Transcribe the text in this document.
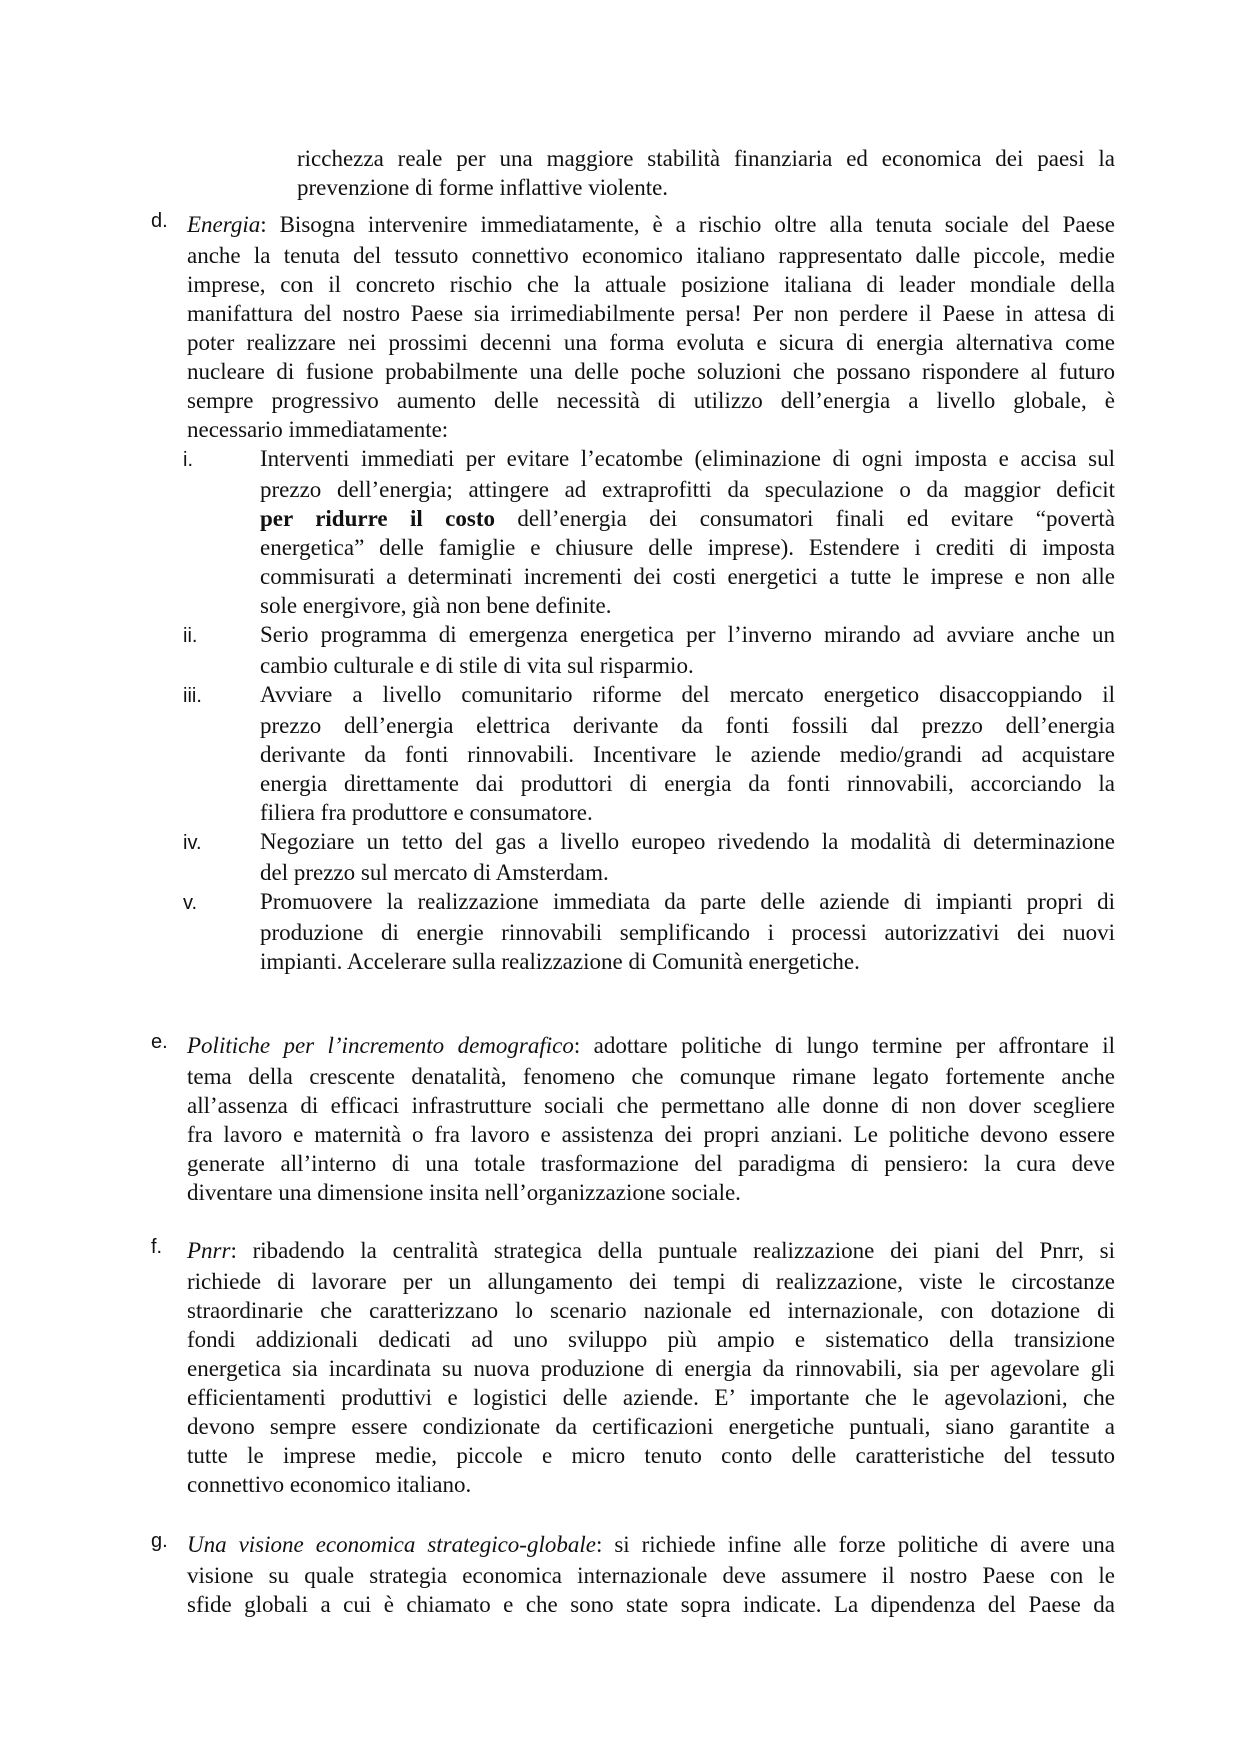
ricchezza reale per una maggiore stabilità finanziaria ed economica dei paesi la

prevenzione di forme inflattive violente.

d. Energia: Bisogna intervenire immediatamente, è a rischio oltre alla tenuta sociale del Paese

anche la tenuta del tessuto connettivo economico italiano rappresentato dalle piccole, medie

imprese, con il concreto rischio che la attuale posizione italiana di leader mondiale della

manifattura del nostro Paese sia irrimediabilmente persa! Per non perdere il Paese in attesa di

poter realizzare nei prossimi decenni una forma evoluta e sicura di energia alternativa come

nucleare di fusione probabilmente una delle poche soluzioni che possano rispondere al futuro

sempre progressivo aumento delle necessità di utilizzo dell’energia a livello globale, è

necessario immediatamente:

i.	Interventi immediati per evitare l’ecatombe (eliminazione di ogni imposta e accisa sul

prezzo dell’energia; attingere ad extraprofitti da speculazione o da maggior deficit

per ridurre il costo dell’energia dei consumatori finali ed evitare “povertà

energetica” delle famiglie e chiusure delle imprese). Estendere i crediti di imposta

commisurati a determinati incrementi dei costi energetici a tutte le imprese e non alle

sole energivore, già non bene definite.

ii.	Serio programma di emergenza energetica per l’inverno mirando ad avviare anche un

cambio culturale e di stile di vita sul risparmio.

iii.	Avviare a livello comunitario riforme del mercato energetico disaccoppiando il

prezzo dell’energia elettrica derivante da fonti fossili dal prezzo dell’energia

derivante da fonti rinnovabili. Incentivare le aziende medio/grandi ad acquistare

energia direttamente dai produttori di energia da fonti rinnovabili, accorciando la

filiera fra produttore e consumatore.

iv.	Negoziare un tetto del gas a livello europeo rivedendo la modalità di determinazione

del prezzo sul mercato di Amsterdam.

v.	Promuovere la realizzazione immediata da parte delle aziende di impianti propri di

produzione di energie rinnovabili semplificando i processi autorizzativi dei nuovi

impianti. Accelerare sulla realizzazione di Comunità energetiche.

e. Politiche per l’incremento demografico: adottare politiche di lungo termine per affrontare il

tema della crescente denatalità, fenomeno che comunque rimane legato fortemente anche

all’assenza di efficaci infrastrutture sociali che permettano alle donne di non dover scegliere

fra lavoro e maternità o fra lavoro e assistenza dei propri anziani. Le politiche devono essere

generate all’interno di una totale trasformazione del paradigma di pensiero: la cura deve

diventare una dimensione insita nell’organizzazione sociale.

f. Pnrr: ribadendo la centralità strategica della puntuale realizzazione dei piani del Pnrr, si

richiede di lavorare per un allungamento dei tempi di realizzazione, viste le circostanze

straordinarie che caratterizzano lo scenario nazionale ed internazionale, con dotazione di

fondi addizionali dedicati ad uno sviluppo più ampio e sistematico della transizione

energetica sia incardinata su nuova produzione di energia da rinnovabili, sia per agevolare gli

efficientamenti produttivi e logistici delle aziende. E’ importante che le agevolazioni, che

devono sempre essere condizionate da certificazioni energetiche puntuali, siano garantite a

tutte le imprese medie, piccole e micro tenuto conto delle caratteristiche del tessuto

connettivo economico italiano.

g. Una visione economica strategico-globale: si richiede infine alle forze politiche di avere una

visione su quale strategia economica internazionale deve assumere il nostro Paese con le

sfide globali a cui è chiamato e che sono state sopra indicate. La dipendenza del Paese da
